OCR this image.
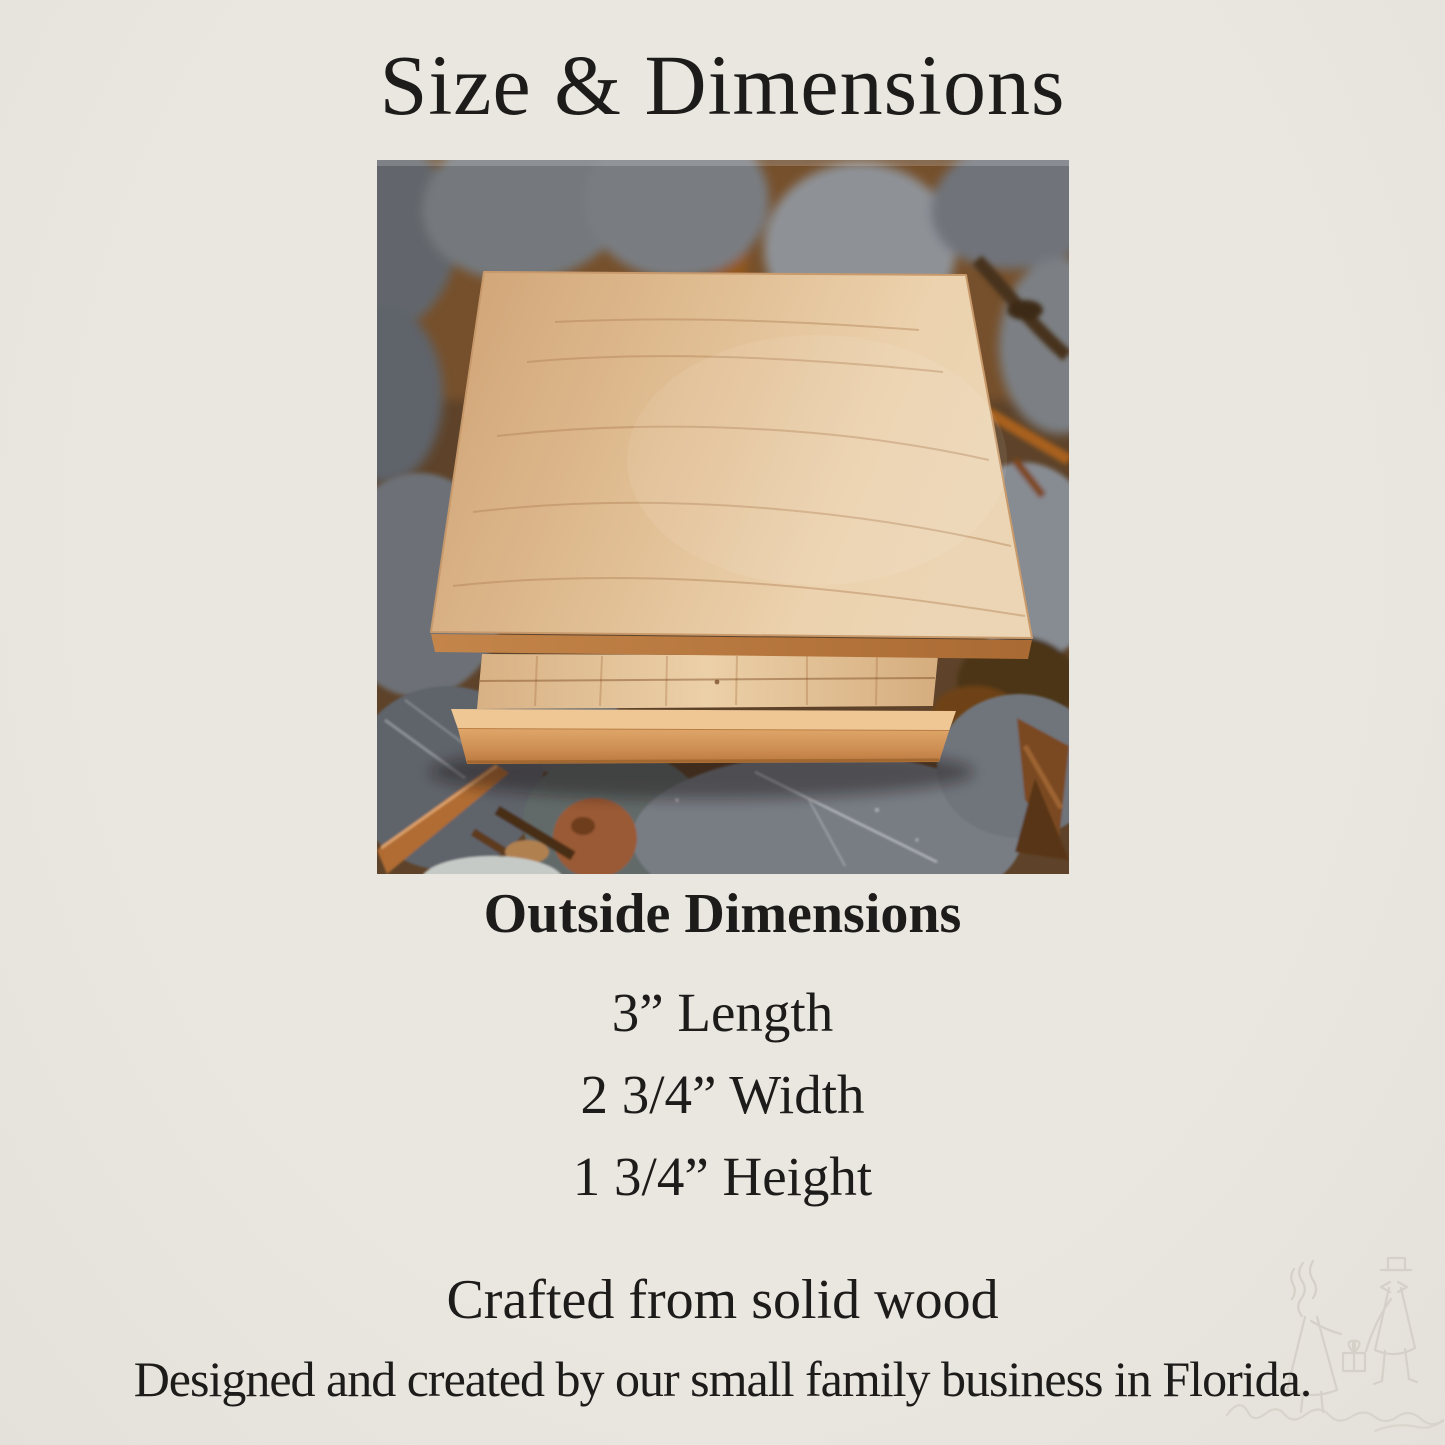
Size & Dimensions
Outside Dimensions
3” Length
2 3/4” Width
1 3/4” Height

Crafted from solid wood

Designed and created by our small family business in Florida.
